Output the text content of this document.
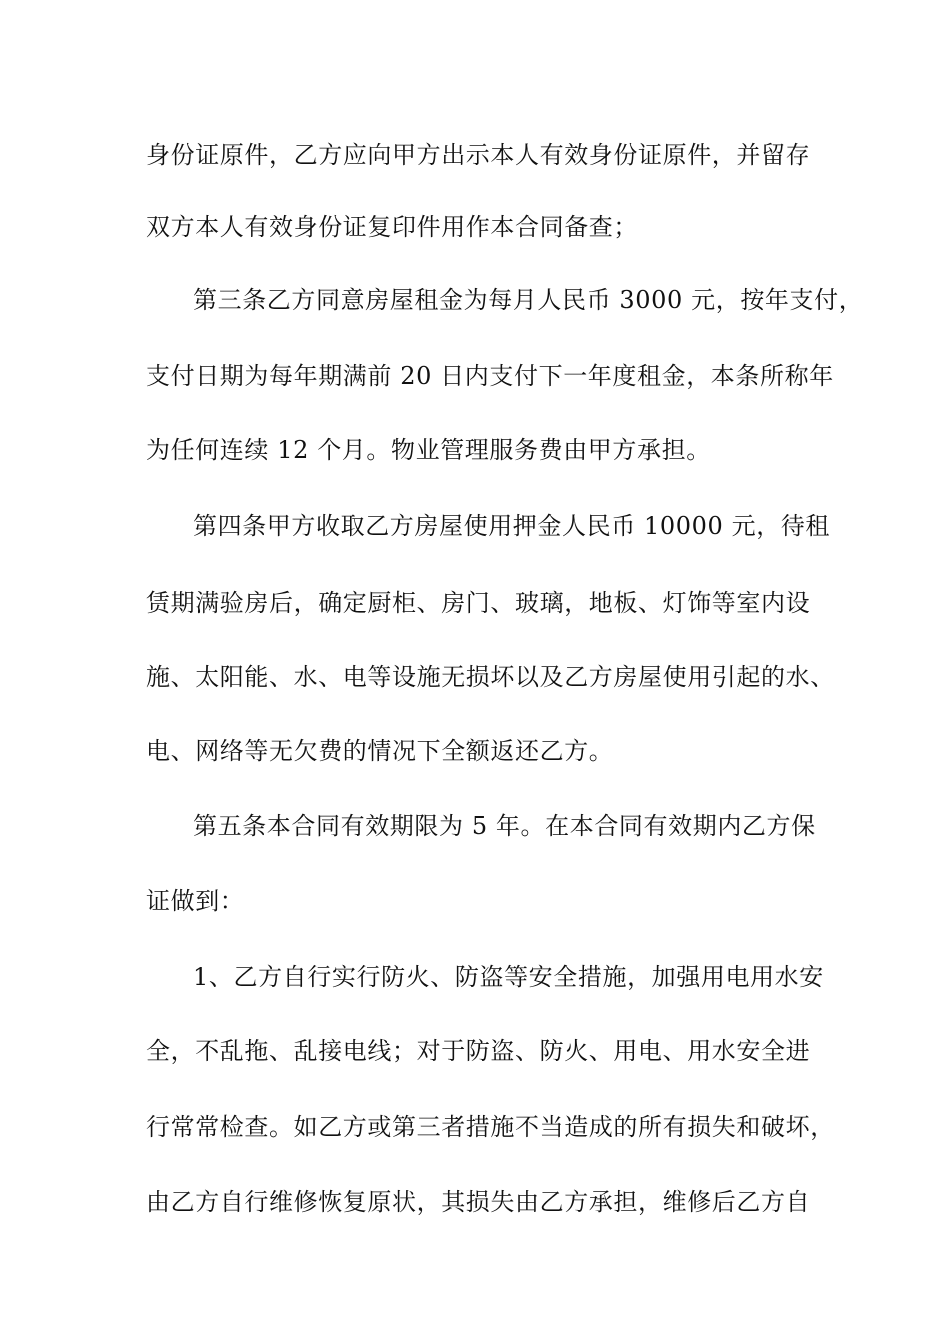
身份证原件，乙方应向甲方出示本人有效身份证原件，并留存
双方本人有效身份证复印件用作本合同备查；
第三条乙方同意房屋租金为每月人民币 3000 元，按年支付，
支付日期为每年期满前 20 日内支付下一年度租金，本条所称年
为任何连续 12 个月。物业管理服务费由甲方承担。
第四条甲方收取乙方房屋使用押金人民币 10000 元，待租
赁期满验房后，确定厨柜、房门、玻璃，地板、灯饰等室内设
施、太阳能、水、电等设施无损坏以及乙方房屋使用引起的水、
电、网络等无欠费的情况下全额返还乙方。
第五条本合同有效期限为 5 年。在本合同有效期内乙方保
证做到：
1、乙方自行实行防火、防盗等安全措施，加强用电用水安
全，不乱拖、乱接电线；对于防盗、防火、用电、用水安全进
行常常检查。如乙方或第三者措施不当造成的所有损失和破坏，
由乙方自行维修恢复原状，其损失由乙方承担，维修后乙方自
